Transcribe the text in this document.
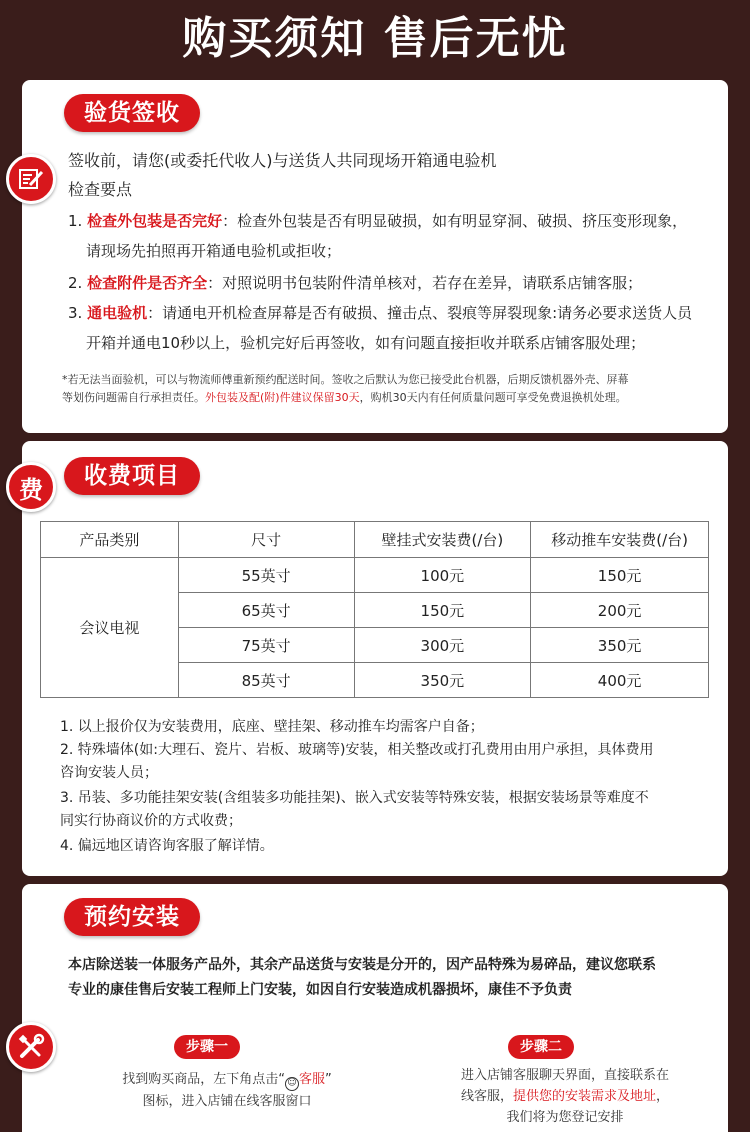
购买须知 售后无忧
验货签收
签收前，请您(或委托代收人)与送货人共同现场开箱通电验机
检查要点
1. 检查外包装是否完好：检查外包装是否有明显破损，如有明显穿洞、破损、挤压变形现象，
请现场先拍照再开箱通电验机或拒收；
2. 检查附件是否齐全：对照说明书包装附件清单核对，若存在差异，请联系店铺客服；
3. 通电验机：请通电开机检查屏幕是否有破损、撞击点、裂痕等屏裂现象:请务必要求送货人员
开箱并通电10秒以上，验机完好后再签收，如有问题直接拒收并联系店铺客服处理；
*若无法当面验机，可以与物流师傅重新预约配送时间。签收之后默认为您已接受此台机器，后期反馈机器外壳、屏幕
等划伤问题需自行承担责任。外包装及配(附)件建议保留30天，购机30天内有任何质量问题可享受免费退换机处理。
收费项目
产品类别	尺寸	壁挂式安装费(/台)	移动推车安装费(/台)
会议电视	55英寸	100元	150元
	65英寸	150元	200元
	75英寸	300元	350元
	85英寸	350元	400元
1. 以上报价仅为安装费用，底座、壁挂架、移动推车均需客户自备；
2. 特殊墙体(如:大理石、瓷片、岩板、玻璃等)安装，相关整改或打孔费用由用户承担，具体费用
咨询安装人员；
3. 吊装、多功能挂架安装(含组装多功能挂架)、嵌入式安装等特殊安装，根据安装场景等难度不
同实行协商议价的方式收费；
4. 偏远地区请咨询客服了解详情。
费
预约安装
本店除送装一体服务产品外，其余产品送货与安装是分开的，因产品特殊为易碎品，建议您联系
专业的康佳售后安装工程师上门安装，如因自行安装造成机器损坏，康佳不予负责
步骤一
找到购买商品，左下角点击“ ☺ 客服”
图标，进入店铺在线客服窗口
步骤二
进入店铺客服聊天界面，直接联系在
线客服，提供您的安装需求及地址，
我们将为您登记安排
